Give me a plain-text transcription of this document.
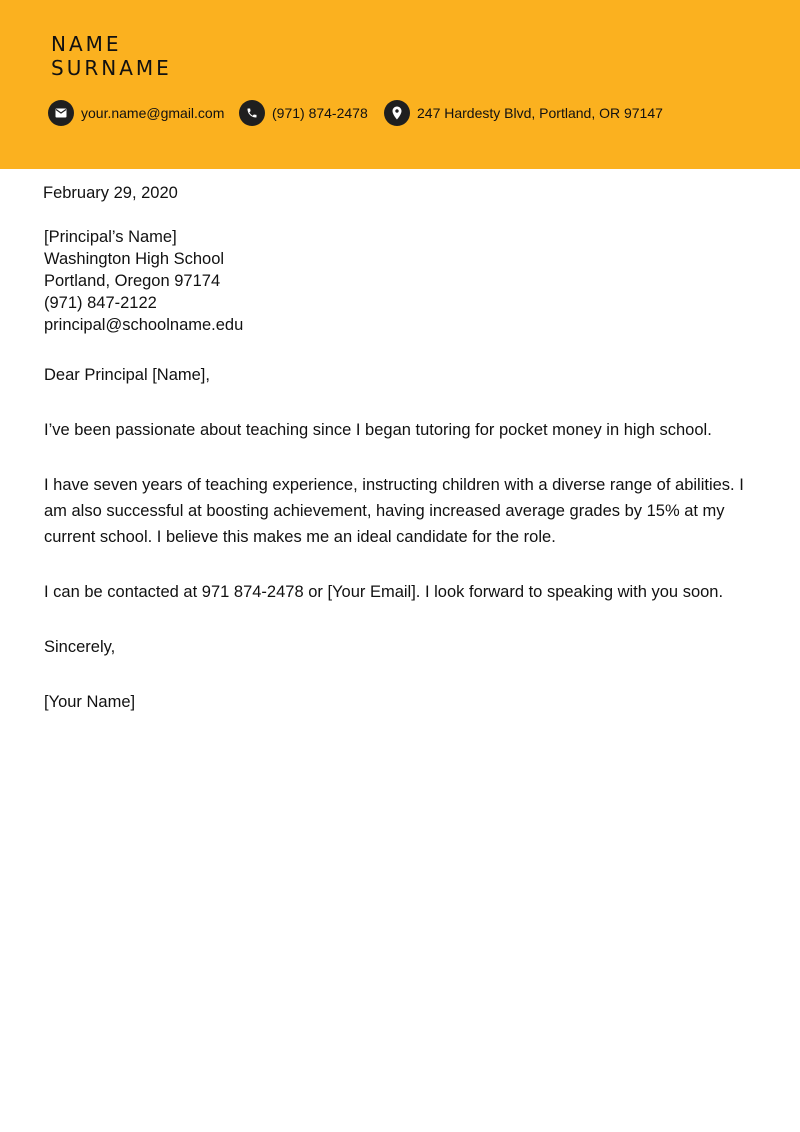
NAME
SURNAME
your.name@gmail.com	(971) 874-2478	247 Hardesty Blvd, Portland, OR 97147
February 29, 2020
[Principal’s Name]
Washington High School
Portland, Oregon 97174
(971) 847-2122
principal@schoolname.edu
Dear Principal [Name],
I’ve been passionate about teaching since I began tutoring for pocket money in high school.
I have seven years of teaching experience, instructing children with a diverse range of abilities. I am also successful at boosting achievement, having increased average grades by 15% at my current school. I believe this makes me an ideal candidate for the role.
I can be contacted at 971 874-2478 or [Your Email]. I look forward to speaking with you soon.
Sincerely,
[Your Name]
